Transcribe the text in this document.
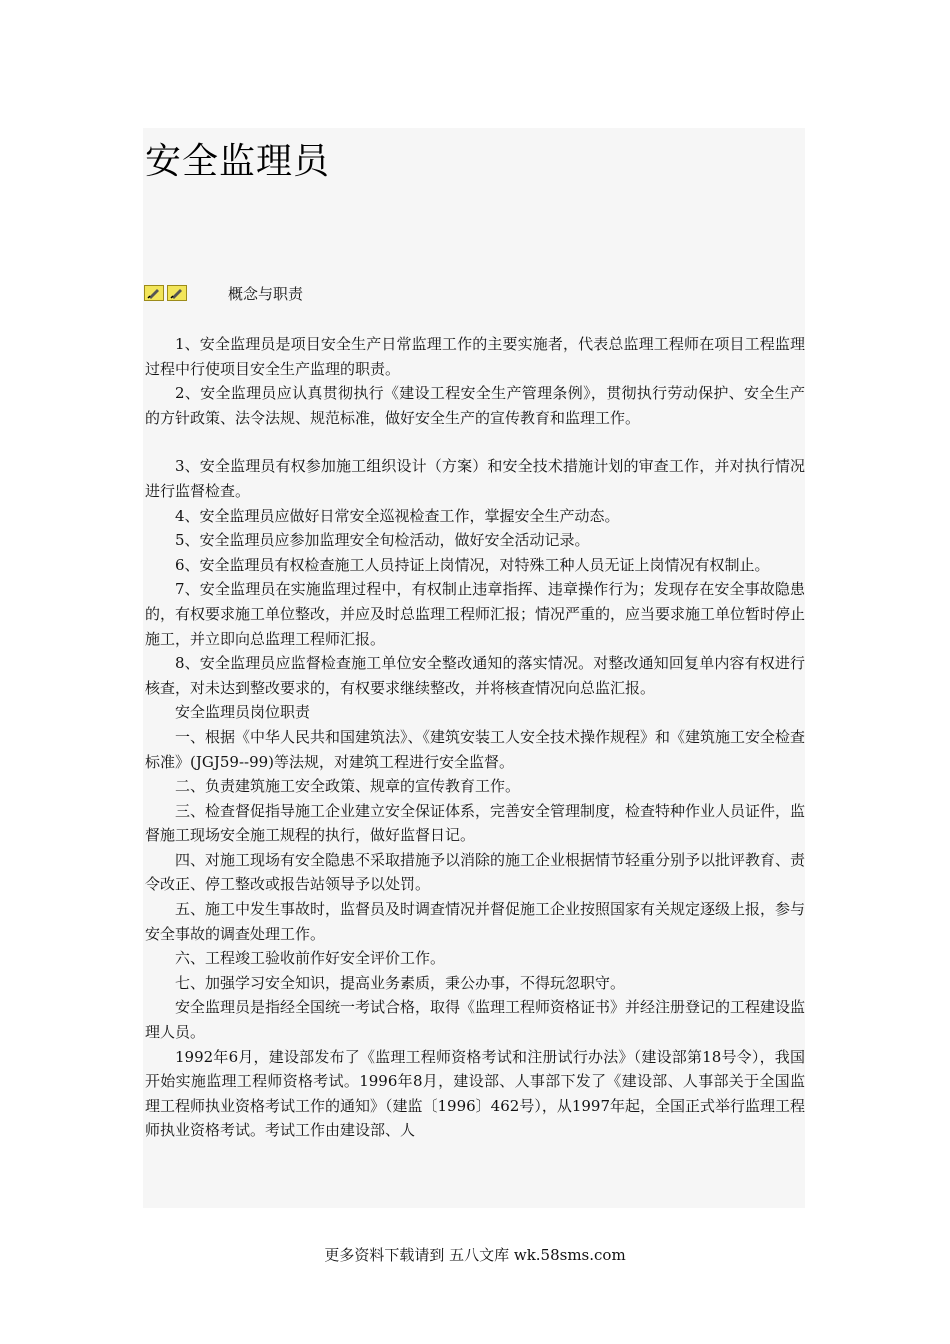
安全监理员
概念与职责

1、安全监理员是项目安全生产日常监理工作的主要实施者，代表总监理工程师在项目工程监理过程中行使项目安全生产监理的职责。

2、安全监理员应认真贯彻执行《建设工程安全生产管理条例》，贯彻执行劳动保护、安全生产的方针政策、法令法规、规范标准，做好安全生产的宣传教育和监理工作。

3、安全监理员有权参加施工组织设计（方案）和安全技术措施计划的审查工作，并对执行情况进行监督检查。

4、安全监理员应做好日常安全巡视检查工作，掌握安全生产动态。

5、安全监理员应参加监理安全旬检活动，做好安全活动记录。

6、安全监理员有权检查施工人员持证上岗情况，对特殊工种人员无证上岗情况有权制止。

7、安全监理员在实施监理过程中，有权制止违章指挥、违章操作行为；发现存在安全事故隐患的，有权要求施工单位整改，并应及时总监理工程师汇报；情况严重的，应当要求施工单位暂时停止施工，并立即向总监理工程师汇报。

8、安全监理员应监督检查施工单位安全整改通知的落实情况。对整改通知回复单内容有权进行核查，对未达到整改要求的，有权要求继续整改，并将核查情况向总监汇报。

安全监理员岗位职责

一、根据《中华人民共和国建筑法》、《建筑安装工人安全技术操作规程》和《建筑施工安全检查标准》(JGJ59--99)等法规，对建筑工程进行安全监督。

二、负责建筑施工安全政策、规章的宣传教育工作。

三、检查督促指导施工企业建立安全保证体系，完善安全管理制度，检查特种作业人员证件，监督施工现场安全施工规程的执行，做好监督日记。

四、对施工现场有安全隐患不采取措施予以消除的施工企业根据情节轻重分别予以批评教育、责令改正、停工整改或报告站领导予以处罚。

五、施工中发生事故时，监督员及时调查情况并督促施工企业按照国家有关规定逐级上报，参与安全事故的调查处理工作。

六、工程竣工验收前作好安全评价工作。

七、加强学习安全知识，提高业务素质，秉公办事，不得玩忽职守。

安全监理员是指经全国统一考试合格，取得《监理工程师资格证书》并经注册登记的工程建设监理人员。

1992年6月，建设部发布了《监理工程师资格考试和注册试行办法》（建设部第18号令），我国开始实施监理工程师资格考试。1996年8月，建设部、人事部下发了《建设部、人事部关于全国监理工程师执业资格考试工作的通知》（建监〔1996〕462号），从1997年起，全国正式举行监理工程师执业资格考试。考试工作由建设部、人

更多资料下载请到 五八文库 wk.58sms.com
